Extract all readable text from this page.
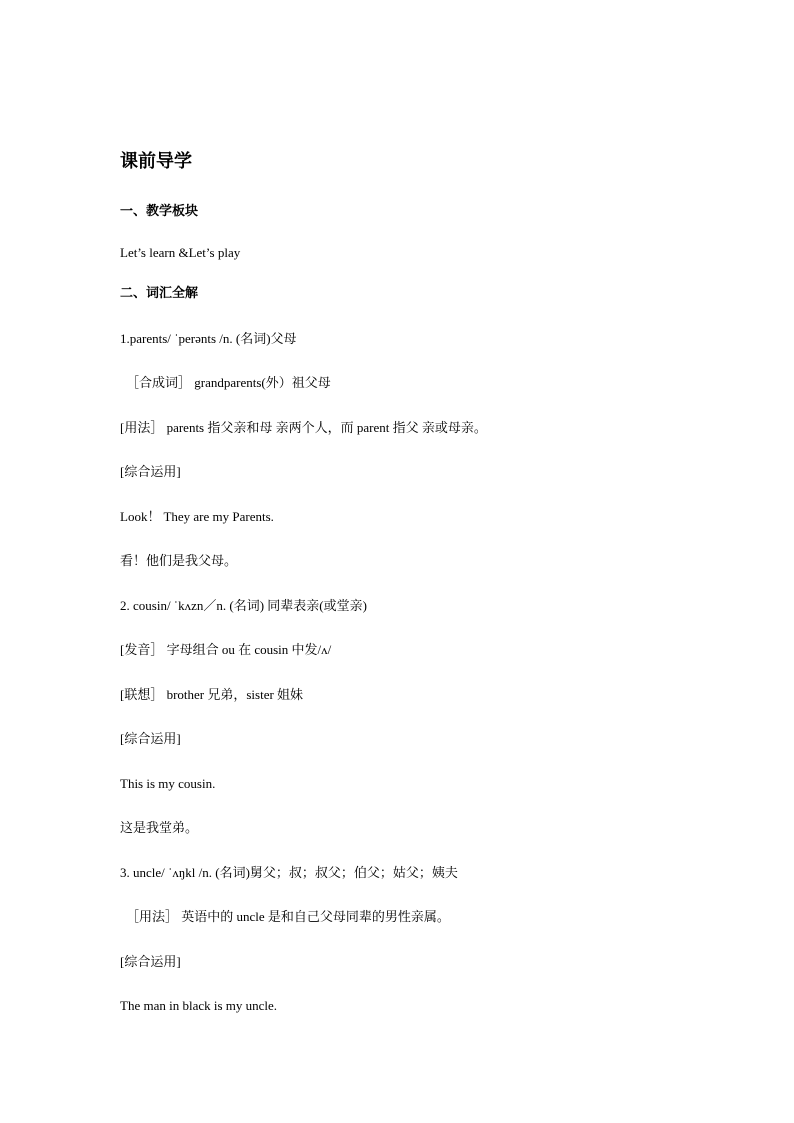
课前导学
一、教学板块
Let’s learn &Let’s play
二、词汇全解
1.parents/ ˈperənts /n. (名词)父母
［合成词］ grandparents(外）祖父母
[用法］ parents 指父亲和母 亲两个人，而 parent 指父 亲或母亲。
[综合运用]
Look！ They are my Parents.
看！他们是我父母。
2. cousin/ ˈkʌzn／n. (名词) 同辈表亲(或堂亲)
[发音］ 字母组合 ou 在 cousin 中发/ʌ/
[联想］ brother 兄弟，sister 姐妹
[综合运用]
This is my cousin.
这是我堂弟。
3. uncle/ ˈʌŋkl /n. (名词)舅父；叔；叔父；伯父；姑父；姨夫
［用法］ 英语中的 uncle 是和自己父母同辈的男性亲属。
[综合运用]
The man in black is my uncle.
